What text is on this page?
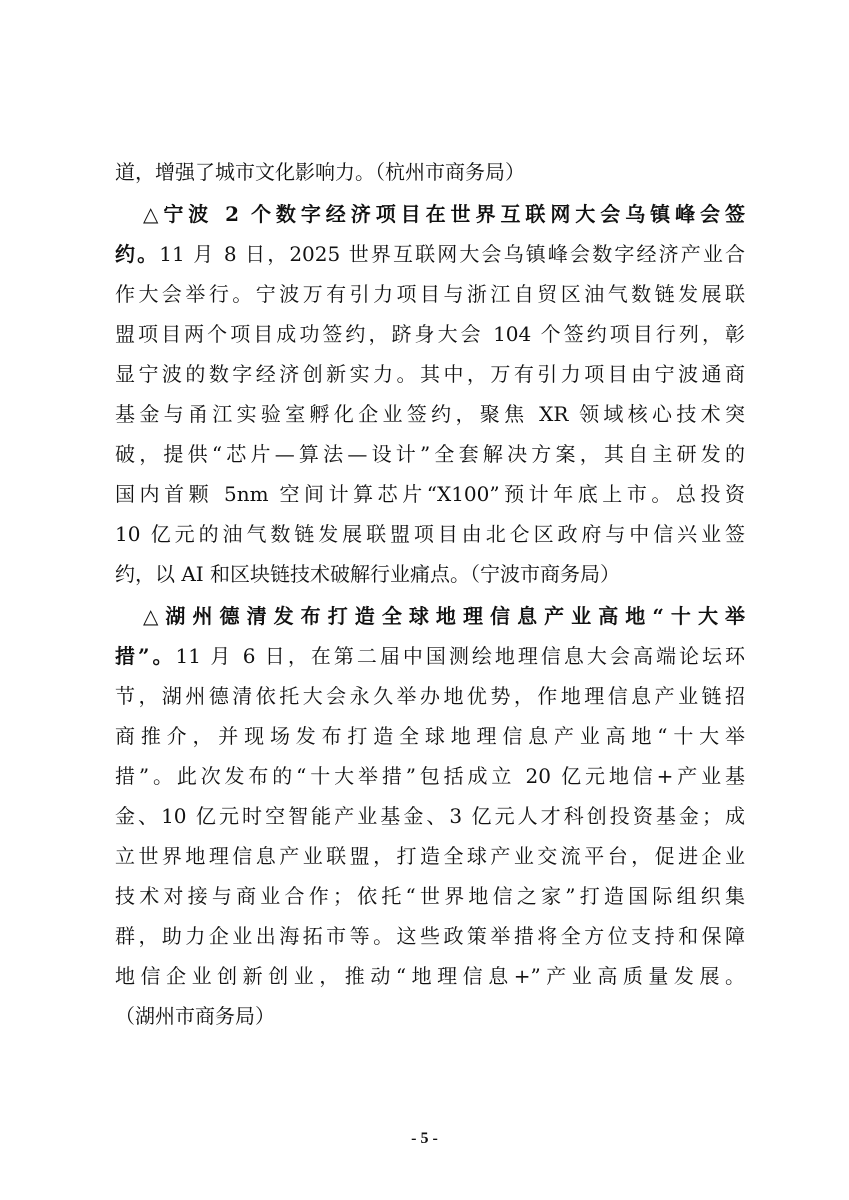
道，增强了城市文化影响力。（杭州市商务局）
△宁波 2 个数字经济项目在世界互联网大会乌镇峰会签
约。11 月 8 日，2025 世界互联网大会乌镇峰会数字经济产业合
作大会举行。宁波万有引力项目与浙江自贸区油气数链发展联
盟项目两个项目成功签约，跻身大会 104 个签约项目行列，彰
显宁波的数字经济创新实力。其中，万有引力项目由宁波通商
基金与甬江实验室孵化企业签约，聚焦 XR 领域核心技术突
破，提供“芯片—算法—设计”全套解决方案，其自主研发的
国内首颗 5nm 空间计算芯片“X100”预计年底上市。总投资
10 亿元的油气数链发展联盟项目由北仑区政府与中信兴业签
约，以 AI 和区块链技术破解行业痛点。（宁波市商务局）
△湖州德清发布打造全球地理信息产业高地“十大举
措”。11 月 6 日，在第二届中国测绘地理信息大会高端论坛环
节，湖州德清依托大会永久举办地优势，作地理信息产业链招
商推介，并现场发布打造全球地理信息产业高地“十大举
措”。此次发布的“十大举措”包括成立 20 亿元地信+产业基
金、10 亿元时空智能产业基金、3 亿元人才科创投资基金；成
立世界地理信息产业联盟，打造全球产业交流平台，促进企业
技术对接与商业合作；依托“世界地信之家”打造国际组织集
群，助力企业出海拓市等。这些政策举措将全方位支持和保障
地信企业创新创业，推动“地理信息+”产业高质量发展。
（湖州市商务局）
- 5 -
